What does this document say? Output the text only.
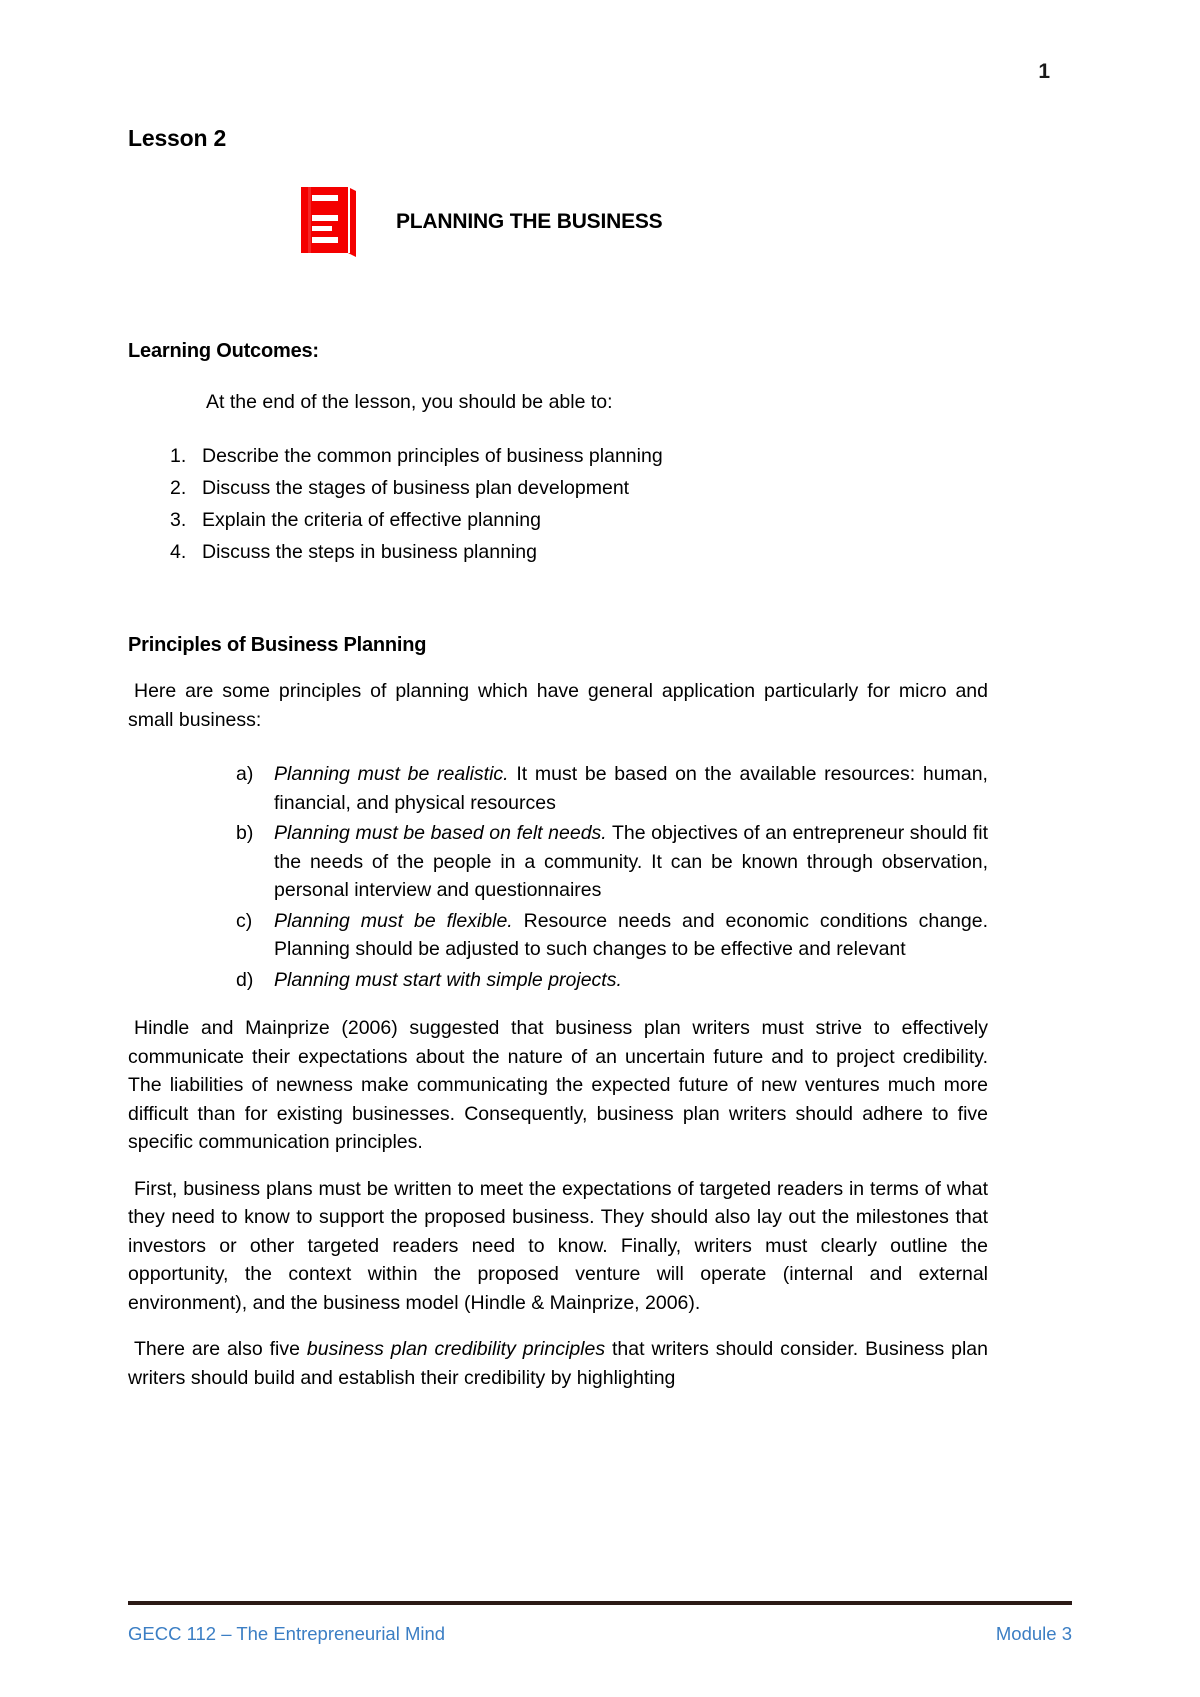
1
Lesson 2
PLANNING THE BUSINESS
Learning Outcomes:
At the end of the lesson, you should be able to:
1. Describe the common principles of business planning
2. Discuss the stages of business plan development
3. Explain the criteria of effective planning
4. Discuss the steps in business planning
Principles of Business Planning

Here are some principles of planning which have general application particularly for micro and small business:

a)	Planning must be realistic. It must be based on the available resources: human, financial, and physical resources
b)	Planning must be based on felt needs. The objectives of an entrepreneur should fit the needs of the people in a community. It can be known through observation, personal interview and questionnaires
c)	Planning must be flexible. Resource needs and economic conditions change. Planning should be adjusted to such changes to be effective and relevant
d)	Planning must start with simple projects.

Hindle and Mainprize (2006) suggested that business plan writers must strive to effectively communicate their expectations about the nature of an uncertain future and to project credibility. The liabilities of newness make communicating the expected future of new ventures much more difficult than for existing businesses. Consequently, business plan writers should adhere to five specific communication principles.

First, business plans must be written to meet the expectations of targeted readers in terms of what they need to know to support the proposed business. They should also lay out the milestones that investors or other targeted readers need to know. Finally, writers must clearly outline the opportunity, the context within the proposed venture will operate (internal and external environment), and the business model (Hindle & Mainprize, 2006).

There are also five business plan credibility principles that writers should consider. Business plan writers should build and establish their credibility by highlighting

GECC 112 – The Entrepreneurial Mind	Module 3
